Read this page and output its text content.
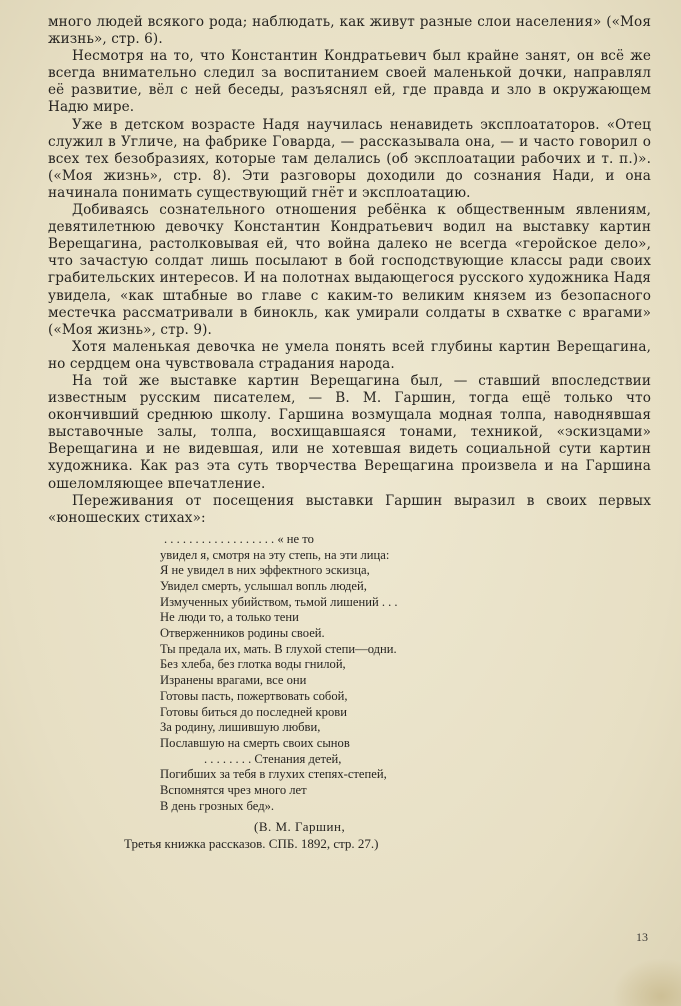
много людей всякого рода; наблюдать, как живут разные слои населения» («Моя жизнь», стр. 6).

Несмотря на то, что Константин Кондратьевич был крайне занят, он всё же всегда внимательно следил за воспитанием своей маленькой дочки, направлял её развитие, вёл с ней беседы, разъяснял ей, где правда и зло в окружающем Надю мире.

Уже в детском возрасте Надя научилась ненавидеть эксплоататоров. «Отец служил в Угличе, на фабрике Говарда, — рассказывала она, — и часто говорил о всех тех безобразиях, которые там делались (об эксплоатации рабочих и т. п.)». («Моя жизнь», стр. 8). Эти разговоры доходили до сознания Нади, и она начинала понимать существующий гнёт и эксплоатацию.

Добиваясь сознательного отношения ребёнка к общественным явлениям, девятилетнюю девочку Константин Кондратьевич водил на выставку картин Верещагина, растолковывая ей, что война далеко не всегда «геройское дело», что зачастую солдат лишь посылают в бой господствующие классы ради своих грабительских интересов. И на полотнах выдающегося русского художника Надя увидела, «как штабные во главе с каким-то великим князем из безопасного местечка рассматривали в бинокль, как умирали солдаты в схватке с врагами» («Моя жизнь», стр. 9).

Хотя маленькая девочка не умела понять всей глубины картин Верещагина, но сердцем она чувствовала страдания народа.

На той же выставке картин Верещагина был, — ставший впоследствии известным русским писателем, — В. М. Гаршин, тогда ещё только что окончивший среднюю школу. Гаршина возмущала модная толпа, наводнявшая выставочные залы, толпа, восхищавшаяся тонами, техникой, «эскизцами» Верещагина и не видевшая, или не хотевшая видеть социальной сути картин художника. Как раз эта суть творчества Верещагина произвела и на Гаршина ошеломляющее впечатление.

Переживания от посещения выставки Гаршин выразил в своих первых «юношеских стихах»:

. . . . . . . . . . . . . . . . . . « не то
увидел я, смотря на эту степь, на эти лица:
Я не увидел в них эффектного эскизца,
Увидел смерть, услышал вопль людей,
Измученных убийством, тьмой лишений . . .
Не люди то, а только тени
Отверженников родины своей.
Ты предала их, мать. В глухой степи—одни.
Без хлеба, без глотка воды гнилой,
Изранены врагами, все они
Готовы пасть, пожертвовать собой,
Готовы биться до последней крови
За родину, лишившую любви,
Пославшую на смерть своих сынов
. . . . . . . . Стенания детей,
Погибших за тебя в глухих степях-степей,
Вспомнятся чрез много лет
В день грозных бед».
(В. М. Гаршин,
Третья книжка рассказов. СПБ. 1892, стр. 27.)
13
